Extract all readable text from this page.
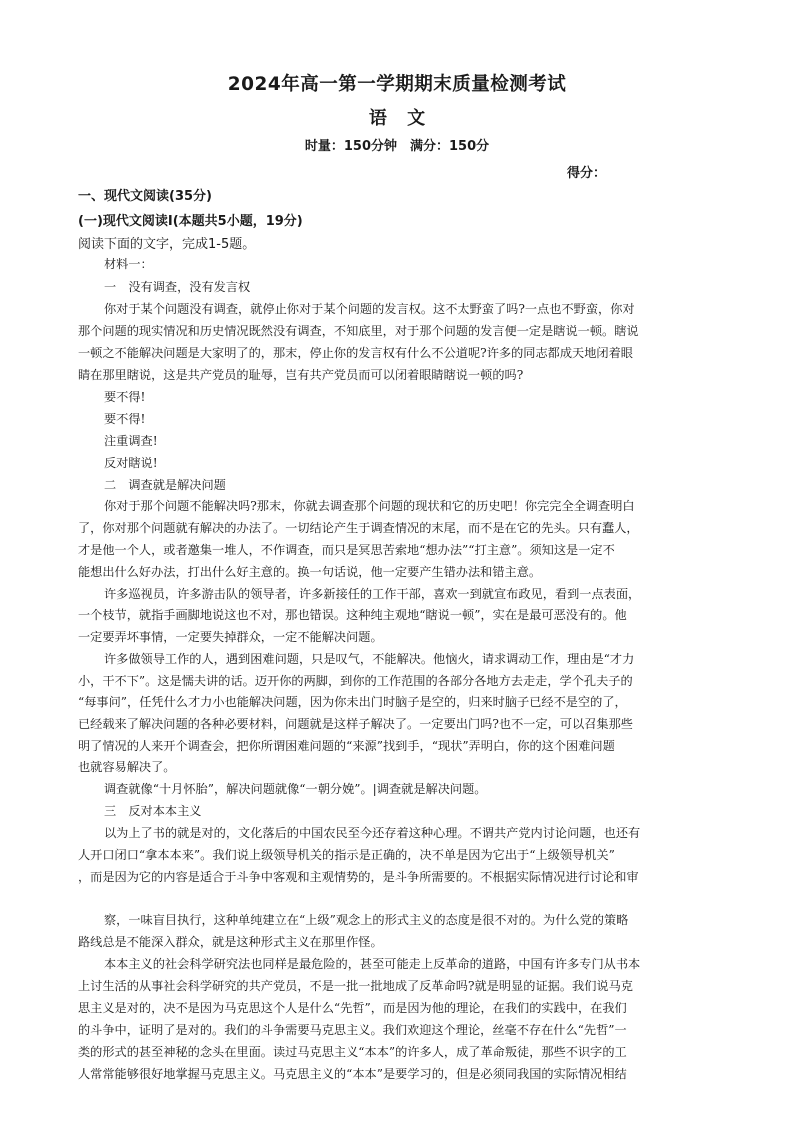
2024年高一第一学期期末质量检测考试
语 文
时量：150分钟　满分：150分
得分：
一、现代文阅读(35分)
(一)现代文阅读Ⅰ(本题共5小题，19分)
阅读下面的文字，完成1-5题。
材料一：
一　没有调查，没有发言权
你对于某个问题没有调查，就停止你对于某个问题的发言权。这不太野蛮了吗?一点也不野蛮，你对
那个问题的现实情况和历史情况既然没有调查，不知底里，对于那个问题的发言便一定是瞎说一顿。瞎说
一顿之不能解决问题是大家明了的，那末，停止你的发言权有什么不公道呢?许多的同志都成天地闭着眼
睛在那里瞎说，这是共产党员的耻辱，岂有共产党员而可以闭着眼睛瞎说一顿的吗?
要不得!
要不得!
注重调查!
反对瞎说!
二　调查就是解决问题
你对于那个问题不能解决吗?那末，你就去调查那个问题的现状和它的历史吧！你完完全全调查明白
了，你对那个问题就有解决的办法了。一切结论产生于调查情况的末尾，而不是在它的先头。只有蠢人，
才是他一个人，或者邀集一堆人，不作调查，而只是冥思苦索地“想办法”“打主意”。须知这是一定不
能想出什么好办法，打出什么好主意的。换一句话说，他一定要产生错办法和错主意。
许多巡视员，许多游击队的领导者，许多新接任的工作干部，喜欢一到就宣布政见，看到一点表面，
一个枝节，就指手画脚地说这也不对，那也错误。这种纯主观地“瞎说一顿”，实在是最可恶没有的。他
一定要弄坏事情，一定要失掉群众，一定不能解决问题。
许多做领导工作的人，遇到困难问题，只是叹气，不能解决。他恼火，请求调动工作，理由是“才力
小，干不下”。这是懦夫讲的话。迈开你的两脚，到你的工作范围的各部分各地方去走走，学个孔夫子的
“每事问”，任凭什么才力小也能解决问题，因为你未出门时脑子是空的，归来时脑子已经不是空的了，
已经载来了解决问题的各种必要材料，问题就是这样子解决了。一定要出门吗?也不一定，可以召集那些
明了情况的人来开个调查会，把你所谓困难问题的“来源”找到手，“现状”弄明白，你的这个困难问题
也就容易解决了。
调查就像“十月怀胎”，解决问题就像“一朝分娩”。|调查就是解决问题。
三　反对本本主义
以为上了书的就是对的，文化落后的中国农民至今还存着这种心理。不谓共产党内讨论问题，也还有
人开口闭口“拿本本来”。我们说上级领导机关的指示是正确的，决不单是因为它出于“上级领导机关”
，而是因为它的内容是适合于斗争中客观和主观情势的，是斗争所需要的。不根据实际情况进行讨论和审
察，一味盲目执行，这种单纯建立在“上级”观念上的形式主义的态度是很不对的。为什么党的策略
路线总是不能深入群众，就是这种形式主义在那里作怪。
本本主义的社会科学研究法也同样是最危险的，甚至可能走上反革命的道路，中国有许多专门从书本
上讨生活的从事社会科学研究的共产党员，不是一批一批地成了反革命吗?就是明显的证据。我们说马克
思主义是对的，决不是因为马克思这个人是什么“先哲”，而是因为他的理论，在我们的实践中，在我们
的斗争中，证明了是对的。我们的斗争需要马克思主义。我们欢迎这个理论，丝毫不存在什么“先哲”一
类的形式的甚至神秘的念头在里面。读过马克思主义“本本”的许多人，成了革命叛徒，那些不识字的工
人常常能够很好地掌握马克思主义。马克思主义的“本本”是要学习的，但是必须同我国的实际情况相结
